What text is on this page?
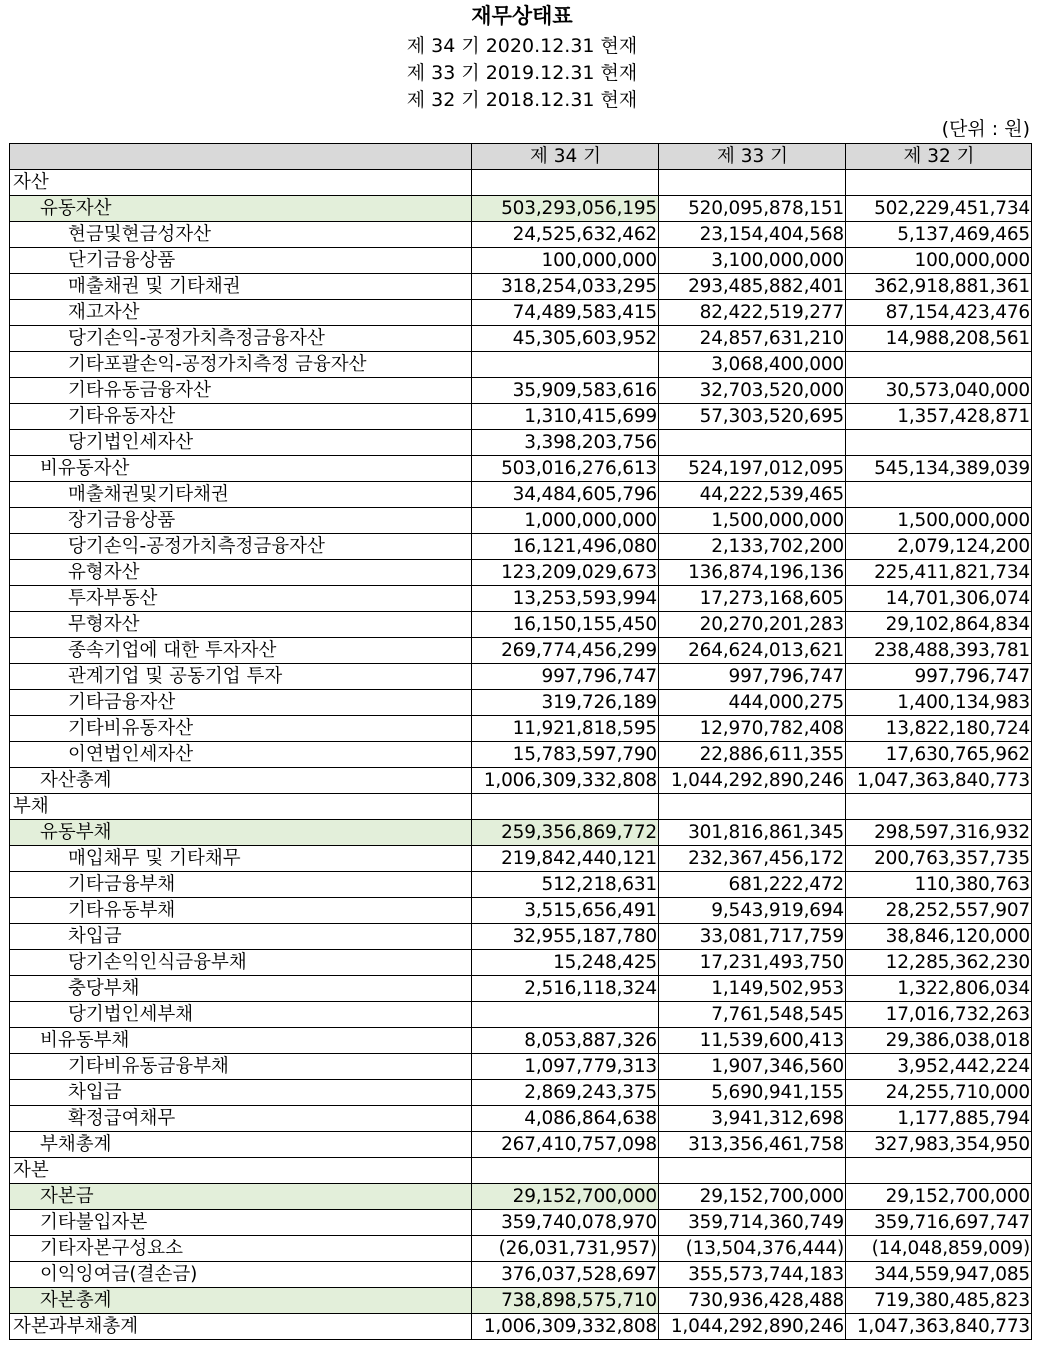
재무상태표
제 34 기 2020.12.31 현재
제 33 기 2019.12.31 현재
제 32 기 2018.12.31 현재
(단위 : 원)
	제 34 기	제 33 기	제 32 기
자산			
유동자산	503,293,056,195	520,095,878,151	502,229,451,734
현금및현금성자산	24,525,632,462	23,154,404,568	5,137,469,465
단기금융상품	100,000,000	3,100,000,000	100,000,000
매출채권 및 기타채권	318,254,033,295	293,485,882,401	362,918,881,361
재고자산	74,489,583,415	82,422,519,277	87,154,423,476
당기손익-공정가치측정금융자산	45,305,603,952	24,857,631,210	14,988,208,561
기타포괄손익-공정가치측정 금융자산		3,068,400,000	
기타유동금융자산	35,909,583,616	32,703,520,000	30,573,040,000
기타유동자산	1,310,415,699	57,303,520,695	1,357,428,871
당기법인세자산	3,398,203,756		
비유동자산	503,016,276,613	524,197,012,095	545,134,389,039
매출채권및기타채권	34,484,605,796	44,222,539,465	
장기금융상품	1,000,000,000	1,500,000,000	1,500,000,000
당기손익-공정가치측정금융자산	16,121,496,080	2,133,702,200	2,079,124,200
유형자산	123,209,029,673	136,874,196,136	225,411,821,734
투자부동산	13,253,593,994	17,273,168,605	14,701,306,074
무형자산	16,150,155,450	20,270,201,283	29,102,864,834
종속기업에 대한 투자자산	269,774,456,299	264,624,013,621	238,488,393,781
관계기업 및 공동기업 투자	997,796,747	997,796,747	997,796,747
기타금융자산	319,726,189	444,000,275	1,400,134,983
기타비유동자산	11,921,818,595	12,970,782,408	13,822,180,724
이연법인세자산	15,783,597,790	22,886,611,355	17,630,765,962
자산총계	1,006,309,332,808	1,044,292,890,246	1,047,363,840,773
부채			
유동부채	259,356,869,772	301,816,861,345	298,597,316,932
매입채무 및 기타채무	219,842,440,121	232,367,456,172	200,763,357,735
기타금융부채	512,218,631	681,222,472	110,380,763
기타유동부채	3,515,656,491	9,543,919,694	28,252,557,907
차입금	32,955,187,780	33,081,717,759	38,846,120,000
당기손익인식금융부채	15,248,425	17,231,493,750	12,285,362,230
충당부채	2,516,118,324	1,149,502,953	1,322,806,034
당기법인세부채		7,761,548,545	17,016,732,263
비유동부채	8,053,887,326	11,539,600,413	29,386,038,018
기타비유동금융부채	1,097,779,313	1,907,346,560	3,952,442,224
차입금	2,869,243,375	5,690,941,155	24,255,710,000
확정급여채무	4,086,864,638	3,941,312,698	1,177,885,794
부채총계	267,410,757,098	313,356,461,758	327,983,354,950
자본			
자본금	29,152,700,000	29,152,700,000	29,152,700,000
기타불입자본	359,740,078,970	359,714,360,749	359,716,697,747
기타자본구성요소	(26,031,731,957)	(13,504,376,444)	(14,048,859,009)
이익잉여금(결손금)	376,037,528,697	355,573,744,183	344,559,947,085
자본총계	738,898,575,710	730,936,428,488	719,380,485,823
자본과부채총계	1,006,309,332,808	1,044,292,890,246	1,047,363,840,773
